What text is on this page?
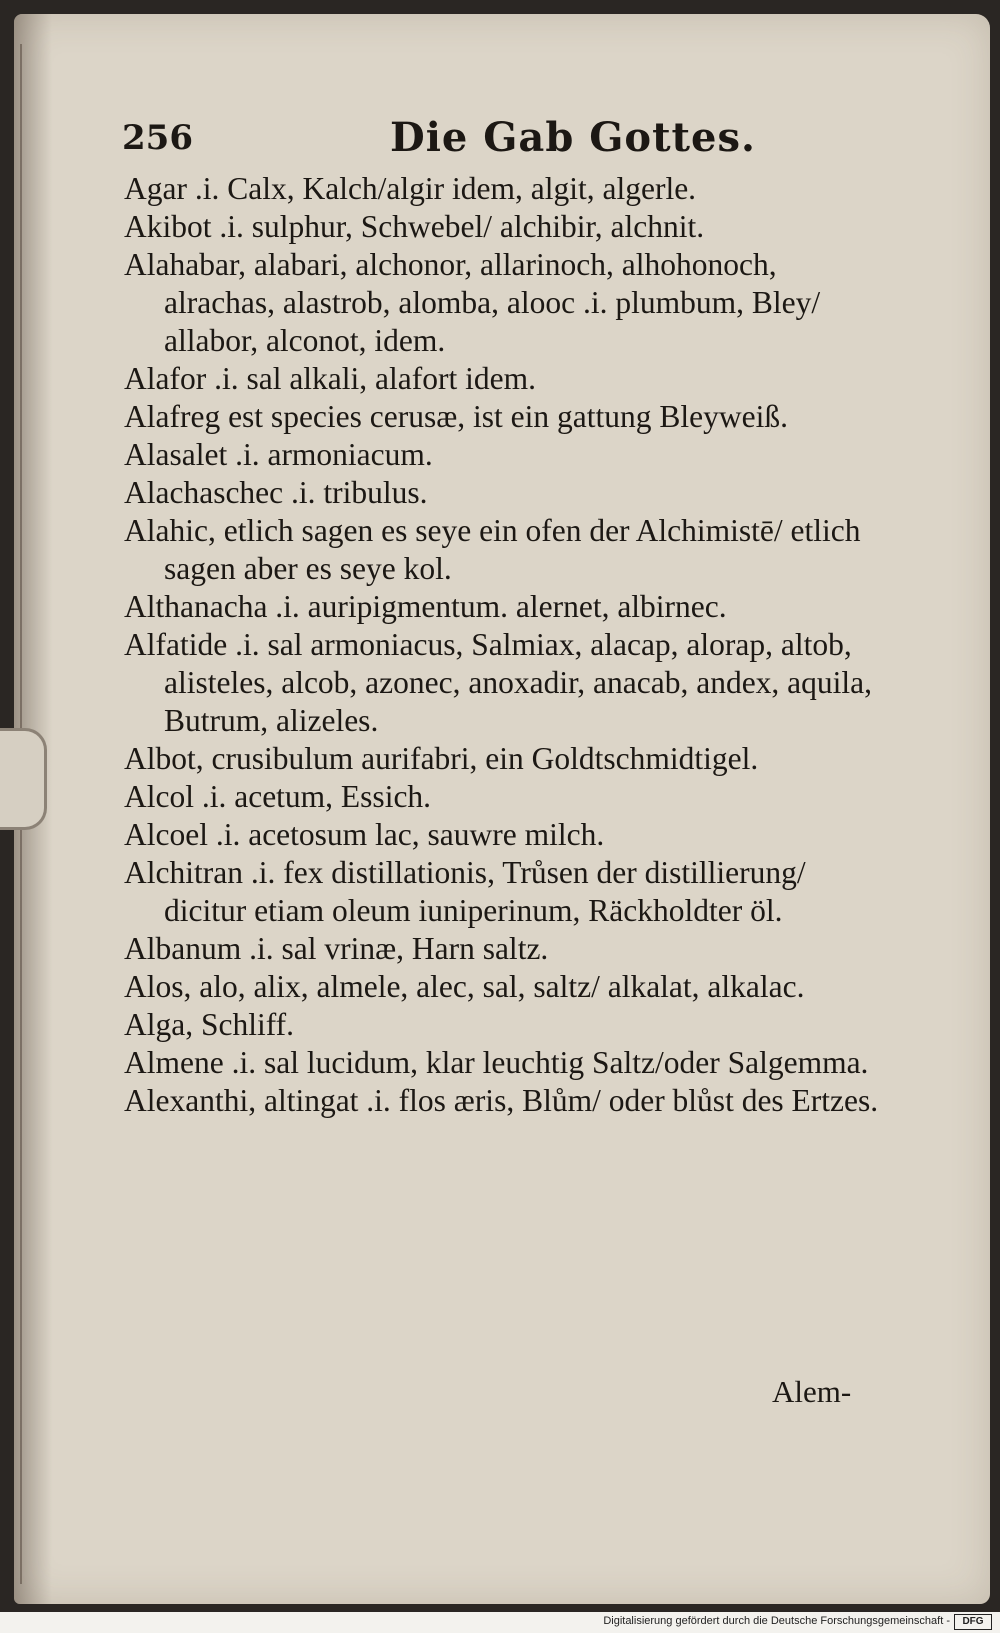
256	Die Gab Gottes.
Agar .i. Calx, Kalch/algir idem, algit, algerle.
Akibot .i. sulphur, Schwebel/ alchibir, alchnit.
Alahabar, alabari, alchonor, allarinoch, alhohonoch, alrachas, alastrob, alomba, alooc .i. plumbum, Bley/ allabor, alconot, idem.
Alafor .i. sal alkali, alafort idem.
Alafreg est species cerusæ, ist ein gattung Bleyweiß.
Alasalet .i. armoniacum.
Alachaschec .i. tribulus.
Alahic, etlich sagen es seye ein ofen der Alchimistē/ etlich sagen aber es seye kol.
Althanacha .i. auripigmentum. alernet, albirnec.
Alfatide .i. sal armoniacus, Salmiax, alacap, alorap, altob, alisteles, alcob, azonec, anoxadir, anacab, andex, aquila, Butrum, alizeles.
Albot, crusibulum aurifabri, ein Goldtschmidtigel.
Alcol .i. acetum, Essich.
Alcoel .i. acetosum lac, sauwre milch.
Alchitran .i. fex distillationis, Trůsen der distillierung/ dicitur etiam oleum iuniperinum, Räckholdter öl.
Albanum .i. sal vrinæ, Harn saltz.
Alos, alo, alix, almele, alec, sal, saltz/ alkalat, alkalac.
Alga, Schliff.
Almene .i. sal lucidum, klar leuchtig Saltz/oder Salgemma.
Alexanthi, altingat .i. flos æris, Blům/ oder blůst des Ertzes.
Alem-
Digitalisierung gefördert durch die Deutsche Forschungsgemeinschaft -	DFG
